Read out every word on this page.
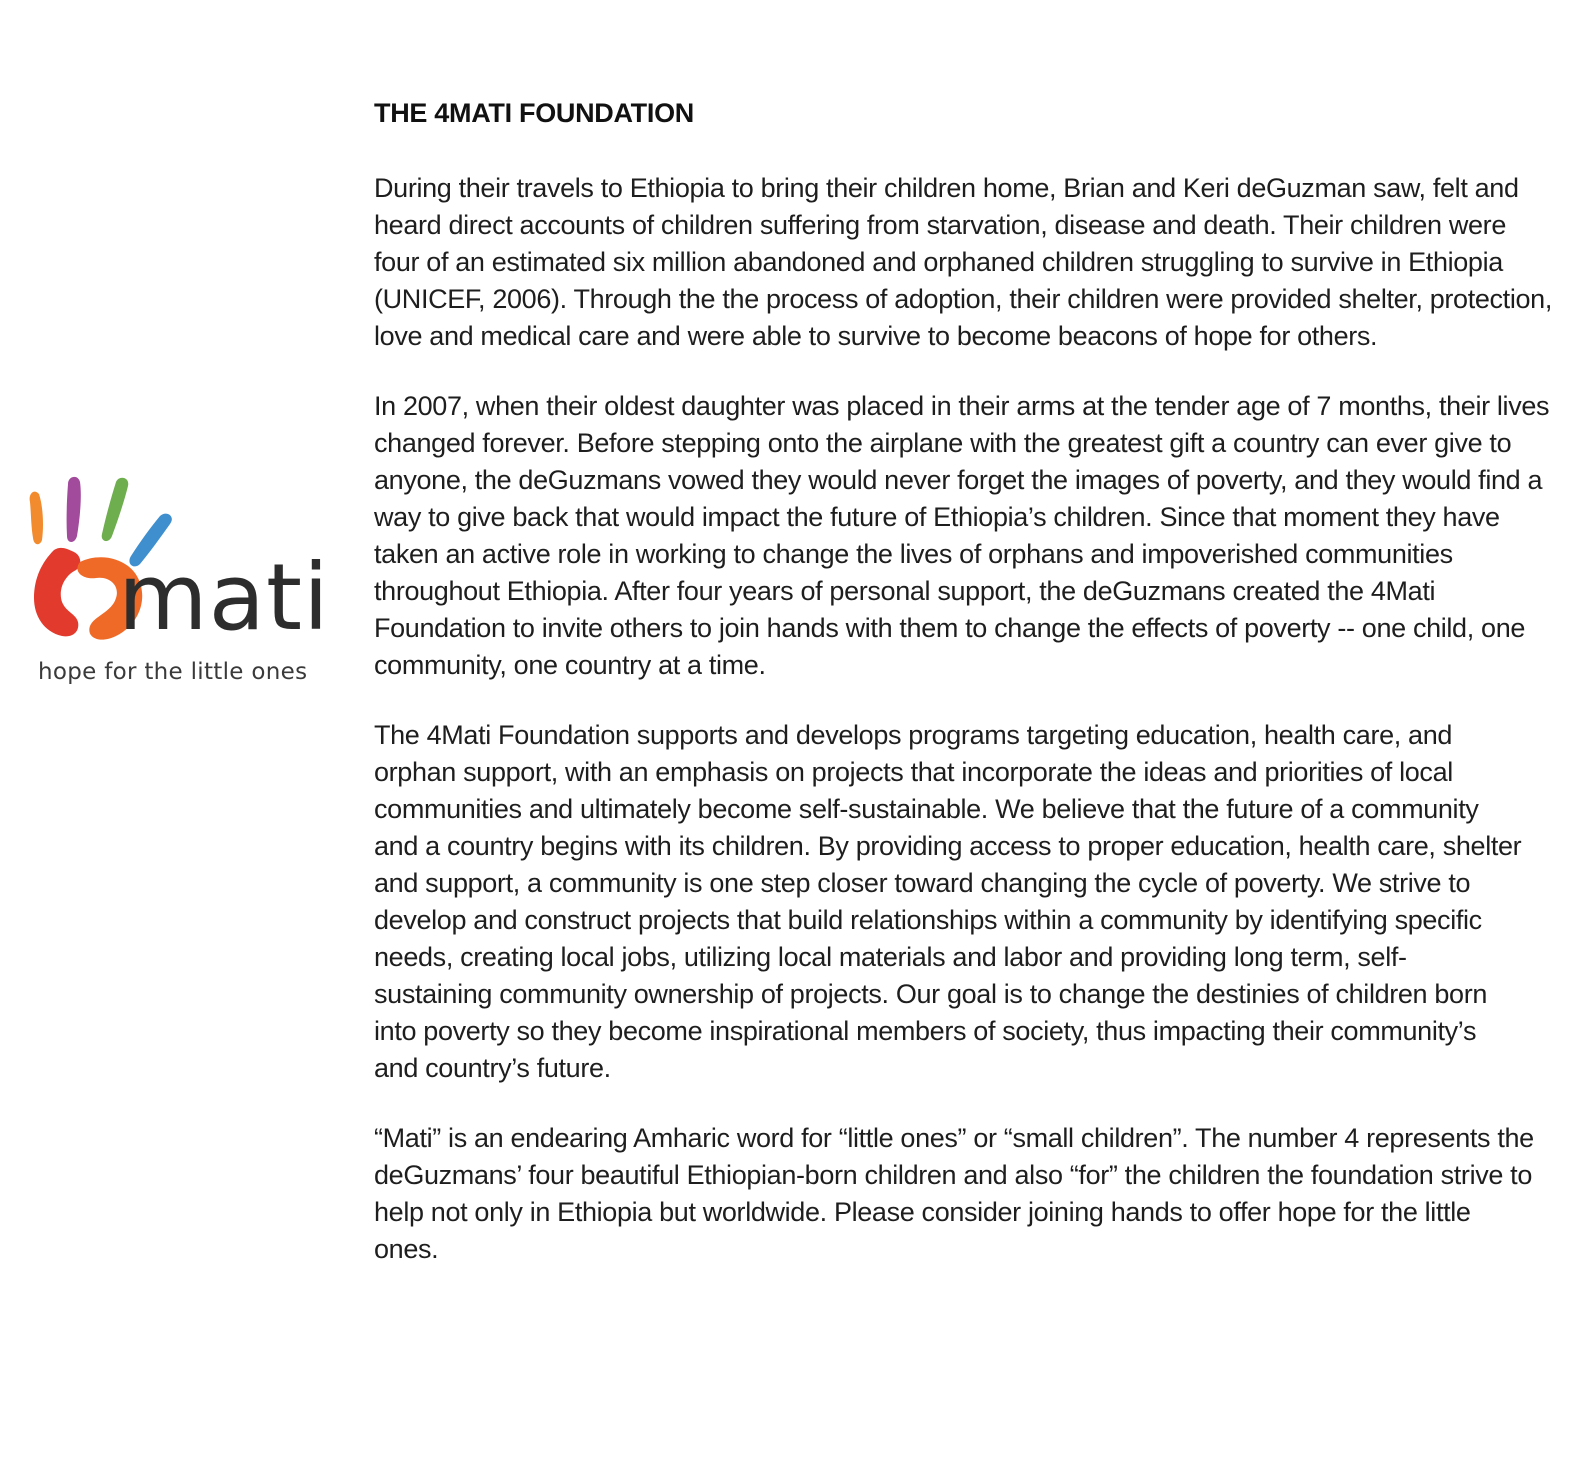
mati
hope for the little ones
THE 4MATI FOUNDATION

During their travels to Ethiopia to bring their children home, Brian and Keri deGuzman saw, felt and heard direct accounts of children suffering from starvation, disease and death. Their children were four of an estimated six million abandoned and orphaned children struggling to survive in Ethiopia (UNICEF, 2006). Through the the process of adoption, their children were provided shelter, protection, love and medical care and were able to survive to become beacons of hope for others.

In 2007, when their oldest daughter was placed in their arms at the tender age of 7 months, their lives changed forever. Before stepping onto the airplane with the greatest gift a country can ever give to anyone, the deGuzmans vowed they would never forget the images of poverty, and they would find a way to give back that would impact the future of Ethiopia’s children. Since that moment they have taken an active role in working to change the lives of orphans and impoverished communities throughout Ethiopia. After four years of personal support, the deGuzmans created the 4Mati Foundation to invite others to join hands with them to change the effects of poverty -- one child, one community, one country at a time.

The 4Mati Foundation supports and develops programs targeting education, health care, and orphan support, with an emphasis on projects that incorporate the ideas and priorities of local communities and ultimately become self-sustainable. We believe that the future of a community and a country begins with its children. By providing access to proper education, health care, shelter and support, a community is one step closer toward changing the cycle of poverty. We strive to develop and construct projects that build relationships within a community by identifying specific needs, creating local jobs, utilizing local materials and labor and providing long term, self-sustaining community ownership of projects. Our goal is to change the destinies of children born into poverty so they become inspirational members of society, thus impacting their community’s and country’s future.

“Mati” is an endearing Amharic word for “little ones” or “small children”. The number 4 represents the deGuzmans’ four beautiful Ethiopian-born children and also “for” the children the foundation strive to help not only in Ethiopia but worldwide. Please consider joining hands to offer hope for the little ones.
